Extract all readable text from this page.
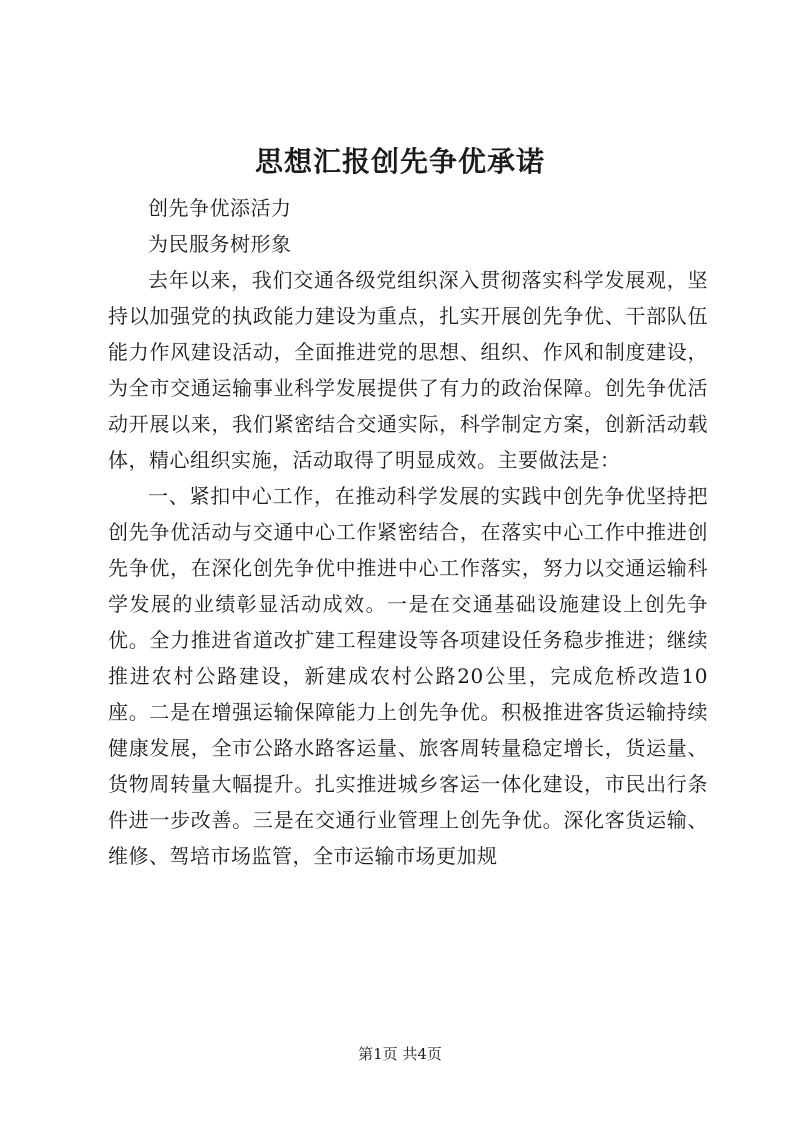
思想汇报创先争优承诺

创先争优添活力

为民服务树形象

去年以来，我们交通各级党组织深入贯彻落实科学发展观，坚持以加强党的执政能力建设为重点，扎实开展创先争优、干部队伍能力作风建设活动，全面推进党的思想、组织、作风和制度建设，为全市交通运输事业科学发展提供了有力的政治保障。创先争优活动开展以来，我们紧密结合交通实际，科学制定方案，创新活动载体，精心组织实施，活动取得了明显成效。主要做法是：

一、紧扣中心工作，在推动科学发展的实践中创先争优坚持把创先争优活动与交通中心工作紧密结合，在落实中心工作中推进创先争优，在深化创先争优中推进中心工作落实，努力以交通运输科学发展的业绩彰显活动成效。一是在交通基础设施建设上创先争优。全力推进省道改扩建工程建设等各项建设任务稳步推进；继续推进农村公路建设，新建成农村公路20公里，完成危桥改造10座。二是在增强运输保障能力上创先争优。积极推进客货运输持续健康发展，全市公路水路客运量、旅客周转量稳定增长，货运量、货物周转量大幅提升。扎实推进城乡客运一体化建设，市民出行条件进一步改善。三是在交通行业管理上创先争优。深化客货运输、维修、驾培市场监管，全市运输市场更加规

第1页 共4页
